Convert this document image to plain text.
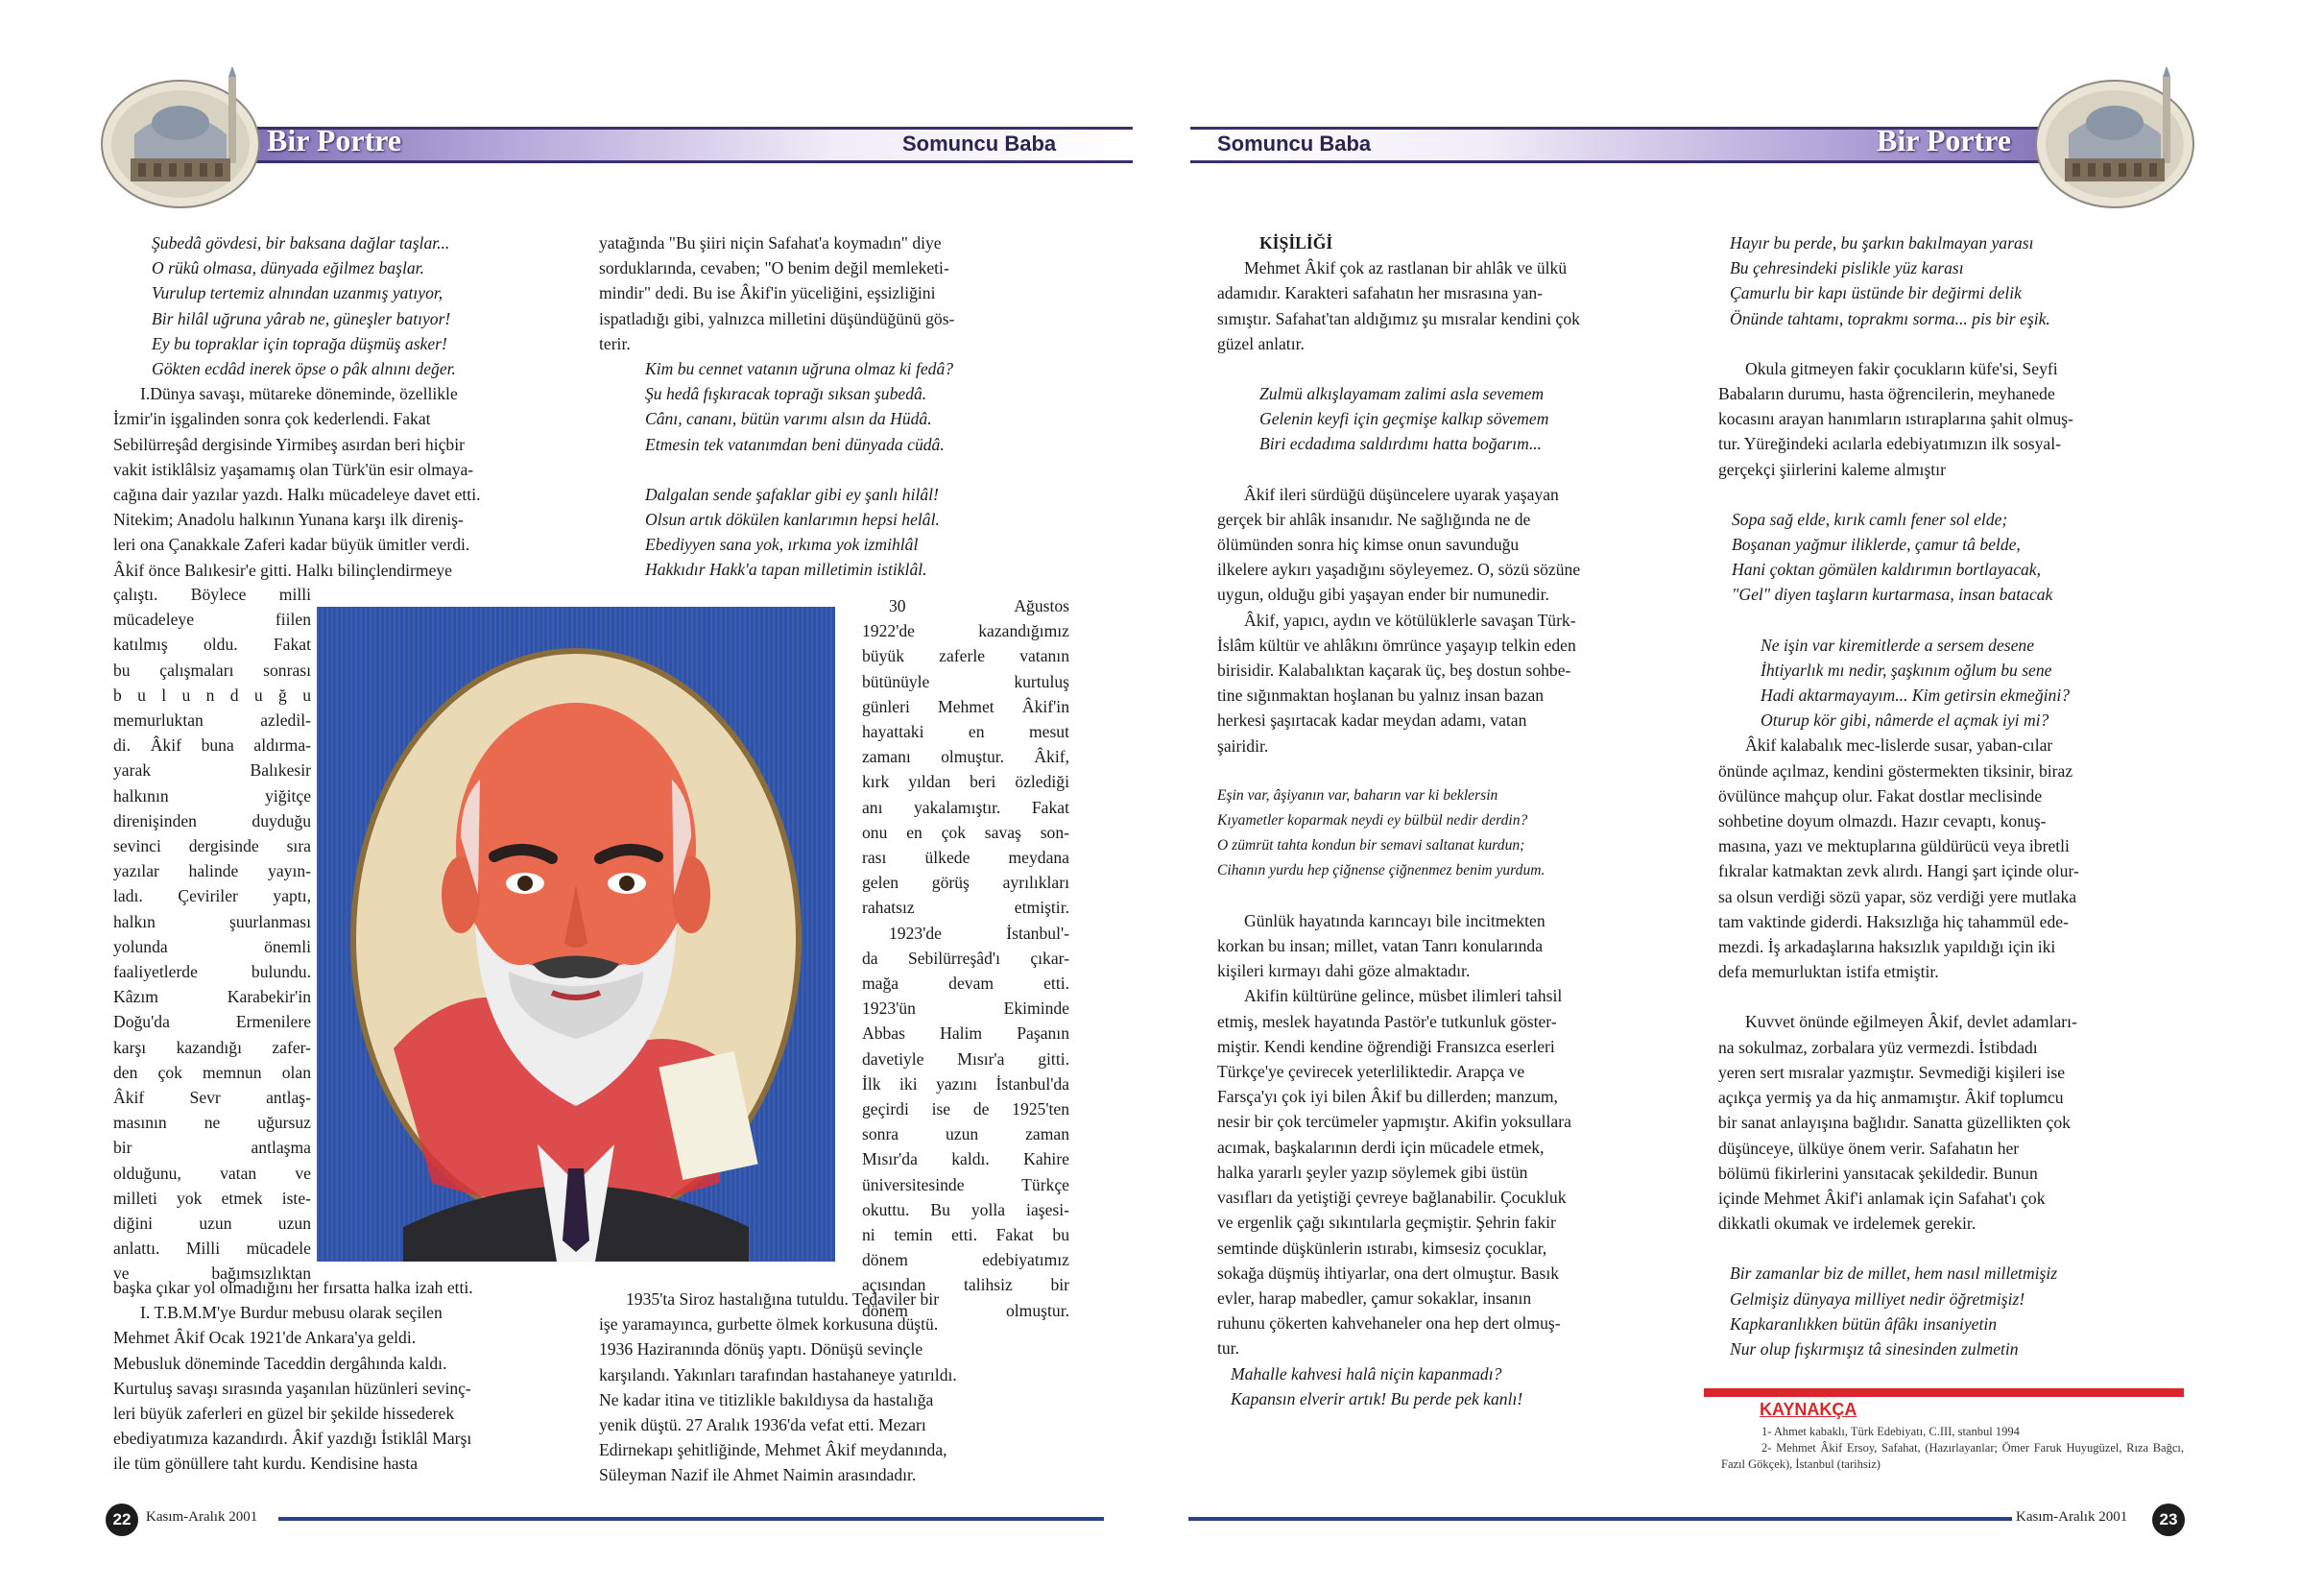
Bir Portre	Somuncu Baba	Somuncu Baba	Bir Portre

Şubedâ gövdesi, bir baksana dağlar taşlar...

O rükû olmasa, dünyada eğilmez başlar.

Vurulup tertemiz alnından uzanmış yatıyor,

Bir hilâl uğruna yârab ne, güneşler batıyor!

Ey bu topraklar için toprağa düşmüş asker!

Gökten ecdâd inerek öpse o pâk alnını değer.

I.Dünya savaşı, mütareke döneminde, özellikle

İzmir'in işgalinden sonra çok kederlendi. Fakat

Sebilürreşâd dergisinde Yirmibeş asırdan beri hiçbir

vakit istiklâlsiz yaşamamış olan Türk'ün esir olmaya-

cağına dair yazılar yazdı. Halkı mücadeleye davet etti.

Nitekim; Anadolu halkının Yunana karşı ilk direniş-

leri ona Çanakkale Zaferi kadar büyük ümitler verdi.

Âkif önce Balıkesir'e gitti. Halkı bilinçlendirmeye

çalıştı. Böylece milli

mücadeleye fiilen

katılmış oldu. Fakat

bu çalışmaları sonrası

b u l u n d u ğ u

memurluktan azledil-

di. Âkif buna aldırma-

yarak Balıkesir

halkının yiğitçe

direnişinden duyduğu

sevinci dergisinde sıra

yazılar halinde yayın-

ladı. Çeviriler yaptı,

halkın şuurlanması

yolunda önemli

faaliyetlerde bulundu.

Kâzım Karabekir'in

Doğu'da Ermenilere

karşı kazandığı zafer-

den çok memnun olan

Âkif Sevr antlaş-

masının ne uğursuz

bir antlaşma

olduğunu, vatan ve

milleti yok etmek iste-

diğini uzun uzun

anlattı. Milli mücadele

ve bağımsızlıktan

başka çıkar yol olmadığını her fırsatta halka izah etti.

I. T.B.M.M'ye Burdur mebusu olarak seçilen

Mehmet Âkif Ocak 1921'de Ankara'ya geldi.

Mebusluk döneminde Taceddin dergâhında kaldı.

Kurtuluş savaşı sırasında yaşanılan hüzünleri sevinç-

leri büyük zaferleri en güzel bir şekilde hissederek

ebediyatımıza kazandırdı. Âkif yazdığı İstiklâl Marşı

ile tüm gönüllere taht kurdu. Kendisine hasta

yatağında "Bu şiiri niçin Safahat'a koymadın" diye

sorduklarında, cevaben; "O benim değil memleketi-

mindir" dedi. Bu ise Âkif'in yüceliğini, eşsizliğini

ispatladığı gibi, yalnızca milletini düşündüğünü gös-

terir.

Kim bu cennet vatanın uğruna olmaz ki fedâ?

Şu hedâ fışkıracak toprağı sıksan şubedâ.

Cânı, cananı, bütün varımı alsın da Hüdâ.

Etmesin tek vatanımdan beni dünyada cüdâ.

Dalgalan sende şafaklar gibi ey şanlı hilâl!

Olsun artık dökülen kanlarımın hepsi helâl.

Ebediyyen sana yok, ırkıma yok izmihlâl

Hakkıdır Hakk'a tapan milletimin istiklâl.

30 Ağustos

1922'de kazandığımız

büyük zaferle vatanın

bütünüyle kurtuluş

günleri Mehmet Âkif'in

hayattaki en mesut

zamanı olmuştur. Âkif,

kırk yıldan beri özlediği

anı yakalamıştır. Fakat

onu en çok savaş son-

rası ülkede meydana

gelen görüş ayrılıkları

rahatsız etmiştir.

1923'de İstanbul'-

da Sebilürreşâd'ı çıkar-

mağa devam etti.

1923'ün Ekiminde

Abbas Halim Paşanın

davetiyle Mısır'a gitti.

İlk iki yazını İstanbul'da

geçirdi ise de 1925'ten

sonra uzun zaman

Mısır'da kaldı. Kahire

üniversitesinde Türkçe

okuttu. Bu yolla iaşesi-

ni temin etti. Fakat bu

dönem edebiyatımız

açısından talihsiz bir

dönem olmuştur.

1935'ta Siroz hastalığına tutuldu. Tedaviler bir

işe yaramayınca, gurbette ölmek korkusuna düştü.

1936 Haziranında dönüş yaptı. Dönüşü sevinçle

karşılandı. Yakınları tarafından hastahaneye yatırıldı.

Ne kadar itina ve titizlikle bakıldıysa da hastalığa

yenik düştü. 27 Aralık 1936'da vefat etti. Mezarı

Edirnekapı şehitliğinde, Mehmet Âkif meydanında,

Süleyman Nazif ile Ahmet Naimin arasındadır.

KİŞİLİĞİ

Mehmet Âkif çok az rastlanan bir ahlâk ve ülkü

adamıdır. Karakteri safahatın her mısrasına yan-

sımıştır. Safahat'tan aldığımız şu mısralar kendini çok

güzel anlatır.

Zulmü alkışlayamam zalimi asla sevemem

Gelenin keyfi için geçmişe kalkıp sövemem

Biri ecdadıma saldırdımı hatta boğarım...

Âkif ileri sürdüğü düşüncelere uyarak yaşayan

gerçek bir ahlâk insanıdır. Ne sağlığında ne de

ölümünden sonra hiç kimse onun savunduğu

ilkelere aykırı yaşadığını söyleyemez. O, sözü sözüne

uygun, olduğu gibi yaşayan ender bir numunedir.

Âkif, yapıcı, aydın ve kötülüklerle savaşan Türk-

İslâm kültür ve ahlâkını ömrünce yaşayıp telkin eden

birisidir. Kalabalıktan kaçarak üç, beş dostun sohbe-

tine sığınmaktan hoşlanan bu yalnız insan bazan

herkesi şaşırtacak kadar meydan adamı, vatan

şairidir.

Eşin var, âşiyanın var, baharın var ki beklersin

Kıyametler koparmak neydi ey bülbül nedir derdin?

O zümrüt tahta kondun bir semavi saltanat kurdun;

Cihanın yurdu hep çiğnense çiğnenmez benim yurdum.

Günlük hayatında karıncayı bile incitmekten

korkan bu insan; millet, vatan Tanrı konularında

kişileri kırmayı dahi göze almaktadır.

Akifin kültürüne gelince, müsbet ilimleri tahsil

etmiş, meslek hayatında Pastör'e tutkunluk göster-

miştir. Kendi kendine öğrendiği Fransızca eserleri

Türkçe'ye çevirecek yeterliliktedir. Arapça ve

Farsça'yı çok iyi bilen Âkif bu dillerden; manzum,

nesir bir çok tercümeler yapmıştır. Akifin yoksullara

acımak, başkalarının derdi için mücadele etmek,

halka yararlı şeyler yazıp söylemek gibi üstün

vasıfları da yetiştiği çevreye bağlanabilir. Çocukluk

ve ergenlik çağı sıkıntılarla geçmiştir. Şehrin fakir

semtinde düşkünlerin ıstırabı, kimsesiz çocuklar,

sokağa düşmüş ihtiyarlar, ona dert olmuştur. Basık

evler, harap mabedler, çamur sokaklar, insanın

ruhunu çökerten kahvehaneler ona hep dert olmuş-

tur.

Mahalle kahvesi halâ niçin kapanmadı?

Kapansın elverir artık! Bu perde pek kanlı!

Hayır bu perde, bu şarkın bakılmayan yarası

Bu çehresindeki pislikle yüz karası

Çamurlu bir kapı üstünde bir değirmi delik

Önünde tahtamı, toprakmı sorma... pis bir eşik.

Okula gitmeyen fakir çocukların küfe'si, Seyfi

Babaların durumu, hasta öğrencilerin, meyhanede

kocasını arayan hanımların ıstıraplarına şahit olmuş-

tur. Yüreğindeki acılarla edebiyatımızın ilk sosyal-

gerçekçi şiirlerini kaleme almıştır

Sopa sağ elde, kırık camlı fener sol elde;

Boşanan yağmur iliklerde, çamur tâ belde,

Hani çoktan gömülen kaldırımın bortlayacak,

"Gel" diyen taşların kurtarmasa, insan batacak

Ne işin var kiremitlerde a sersem desene

İhtiyarlık mı nedir, şaşkınım oğlum bu sene

Hadi aktarmayayım... Kim getirsin ekmeğini?

Oturup kör gibi, nâmerde el açmak iyi mi?

Âkif kalabalık mec-lislerde susar, yaban-cılar

önünde açılmaz, kendini göstermekten tiksinir, biraz

övülünce mahçup olur. Fakat dostlar meclisinde

sohbetine doyum olmazdı. Hazır cevaptı, konuş-

masına, yazı ve mektuplarına güldürücü veya ibretli

fıkralar katmaktan zevk alırdı. Hangi şart içinde olur-

sa olsun verdiği sözü yapar, söz verdiği yere mutlaka

tam vaktinde giderdi. Haksızlığa hiç tahammül ede-

mezdi. İş arkadaşlarına haksızlık yapıldığı için iki

defa memurluktan istifa etmiştir.

Kuvvet önünde eğilmeyen Âkif, devlet adamları-

na sokulmaz, zorbalara yüz vermezdi. İstibdadı

yeren sert mısralar yazmıştır. Sevmediği kişileri ise

açıkça yermiş ya da hiç anmamıştır. Âkif toplumcu

bir sanat anlayışına bağlıdır. Sanatta güzellikten çok

düşünceye, ülküye önem verir. Safahatın her

bölümü fikirlerini yansıtacak şekildedir. Bunun

içinde Mehmet Âkif'i anlamak için Safahat'ı çok

dikkatli okumak ve irdelemek gerekir.

Bir zamanlar biz de millet, hem nasıl milletmişiz

Gelmişiz dünyaya milliyet nedir öğretmişiz!

Kapkaranlıkken bütün âfâkı insaniyetin

Nur olup fışkırmışız tâ sinesinden zulmetin

KAYNAKÇA

1- Ahmet kabaklı, Türk Edebiyatı, C.III, stanbul 1994

2- Mehmet Âkif Ersoy, Safahat, (Hazırlayanlar; Ömer Faruk Huyugüzel, Rıza Bağcı, Fazıl Gökçek), İstanbul (tarihsiz)

22	Kasım-Aralık 2001	Kasım-Aralık 2001	23
